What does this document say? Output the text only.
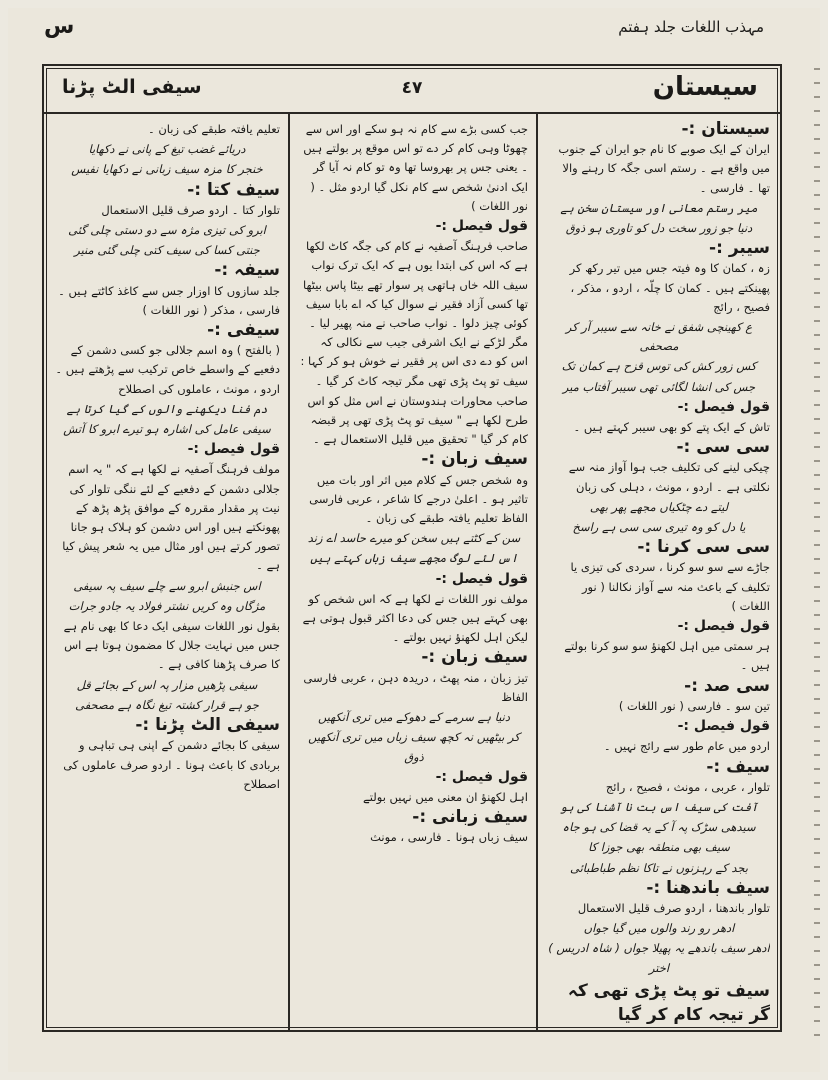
س	مہذب اللغات جلد ہفتم
سیستان
٤٧
سیفی الٹ پڑنا

سیستان :-

ایران کے ایک صوبے کا نام جو ایران کے جنوب میں واقع ہے ۔ رستم اسی جگہ کا رہنے والا تھا ۔ فارسی ۔

میر رستم معانی اور سیستان سخن ہے

دنیا جو زور سخت دل کو تاوری ہو ذوق

سیبر :-

زہ ، کمان کا وہ فیتہ جس میں تیر رکھ کر پھینکتے ہیں ۔ کمان کا چلّہ ، اردو ، مذکر ، فصیح ، رائج

ع کھینچی شفق نے خانہ سے سیبر آر کر مصحفی

کس زور کش کی توس قزح ہے کمان تک

جس کی انشا لگائی تھی سیبر آفتاب میر

قول فیصل :-

تاش کے ایک پتے کو بھی سیبر کہتے ہیں ۔

سی سی :-

چیکی لینے کی تکلیف جب ہوا آواز منہ سے نکلتی ہے ۔ اردو ، مونث ، دہلی کی زبان

لیتے دے چٹکیاں مجھے پھر بھی

یا دل کو وہ تیری سی سی ہے راسخ

سی سی کرنا :-

جاڑے سے سو سو کرنا ، سردی کی تیزی یا تکلیف کے باعث منہ سے آواز نکالنا ( نور اللغات )

قول فیصل :-

ہر سمتی میں اہل لکھنؤ سو سو کرنا بولتے ہیں ۔

سی صد :-

تین سو ۔ فارسی ( نور اللغات )

قول فیصل :-

اردو میں عام طور سے رائج نہیں ۔

سیف :-

تلوار ، عربی ، مونث ، فصیح ، رائج

آفت کی سیف اس بت نا آشنا کی ہو

سیدھی سڑک پہ آ کے یہ قضا کی ہو جاہ

سیف بھی منطقہ بھی جوزا کا

بجد کے رہزنوں نے تاکا نظم طباطبائی

سیف باندھنا :-

تلوار باندھنا ، اردو صرف قلیل الاستعمال

ادھر رو رند والوں میں گیا جواں

ادھر سیف باندھے یہ پھیلا جواں ( شاہ ادریس ) اختر

سیف تو پٹ پڑی تھی کہ گر تیجہ کام کر گیا

جب کسی بڑے سے کام نہ ہو سکے اور اس سے چھوٹا وہی کام کر دے تو اس موقع پر بولتے ہیں ۔ یعنی جس پر بھروسا تھا وہ تو کام نہ آیا گر ایک ادنیٰ شخص سے کام نکل گیا اردو مثل ۔ ( نور اللغات )

قول فیصل :-

صاحب فرہنگ آصفیہ نے کام کی جگہ کاٹ لکھا ہے کہ اس کی ابتدا یوں ہے کہ ایک ترک نواب سیف اللہ خاں ہاتھی پر سوار تھے بیٹا پاس بیٹھا تھا کسی آزاد فقیر نے سوال کیا کہ اے بابا سیف کوئی چیز دلوا ۔ نواب صاحب نے منہ پھیر لیا ۔ مگر لڑکے نے ایک اشرفی جیب سے نکالی کہ اس کو دے دی اس پر فقیر نے خوش ہو کر کہا : سیف تو پٹ پڑی تھی مگر تیجہ کاٹ کر گیا ۔

صاحب محاورات ہندوستان نے اس مثل کو اس طرح لکھا ہے " سیف تو پٹ پڑی تھی پر قبضہ کام کر گیا " تحقیق میں قلیل الاستعمال ہے ۔

سیف زبان :-

وہ شخص جس کے کلام میں اثر اور بات میں تاثیر ہو ۔ اعلیٰ درجے کا شاعر ، عربی فارسی الفاظ تعلیم یافتہ طبقے کی زبان ۔

سن کے کٹتے ہیں سخن کو میرے حاسد اے زند

اس لئے لوگ مجھے سیف زباں کہتے ہیں

قول فیصل :-

مولف نور اللغات نے لکھا ہے کہ اس شخص کو بھی کہتے ہیں جس کی دعا اکثر قبول ہوتی ہے لیکن اہل لکھنؤ نہیں بولتے ۔

سیف زبان :-

تیز زبان ، منہ پھٹ ، دریدہ دہن ، عربی فارسی الفاظ

دنیا ہے سرمے کے دھوکے میں تری آنکھیں

کر بیٹھیں نہ کچھ سیف زباں میں تری آنکھیں ذوق

قول فیصل :-

اہل لکھنؤ ان معنی میں نہیں بولتے

سیف زبانی :-

سیف زباں ہونا ۔ فارسی ، مونث

تعلیم یافتہ طبقے کی زبان ۔

دریائے غضب تیغ کے پانی نے دکھایا

خنجر کا مزہ سیف زبانی نے دکھایا نفیس

سیف کتا :-

تلوار کتا ۔ اردو صرف قلیل الاستعمال

ابرو کی تیزی مژہ سے دو دستی چلی گئی

جنتی کسا کی سیف کتی چلی گئی منیر

سیفہ :-

جلد سازوں کا اوزار جس سے کاغذ کاٹتے ہیں ۔ فارسی ، مذکر ( نور اللغات )

سیفی :-

( بالفتح ) وہ اسم جلالی جو کسی دشمن کے دفعیے کے واسطے خاص ترکیب سے پڑھتے ہیں ۔ اردو ، مونث ، عاملوں کی اصطلاح

دم فنا دیکھنے والوں کے گیا کرتا ہے

سیفی عامل کی اشارہ ہو تیرے ابرو کا آتش

قول فیصل :-

مولف فرہنگ آصفیہ نے لکھا ہے کہ " یہ اسم جلالی دشمن کے دفعیے کے لئے ننگی تلوار کی نیت پر مقدار مقررہ کے موافق پڑھ پڑھ کے پھونکتے ہیں اور اس دشمن کو ہلاک ہو جانا تصور کرتے ہیں اور مثال میں یہ شعر پیش کیا ہے ۔

اس جنبش ابرو سے چلے سیف پہ سیفی

مژگاں وہ کریں نشتر فولاد یہ جادو جرات

بقول نور اللغات سیفی ایک دعا کا بھی نام ہے جس میں نہایت جلال کا مضمون ہوتا ہے اس کا صرف پڑھنا کافی ہے ۔

سیفی پڑھیں مزار پہ اس کے بجائے قل

جو ہے قرار کشتہ تیغ نگاہ ہے مصحفی

سیفی الٹ پڑنا :-

سیفی کا بجائے دشمن کے اپنی ہی تباہی و بربادی کا باعث ہونا ۔ اردو صرف عاملوں کی اصطلاح
